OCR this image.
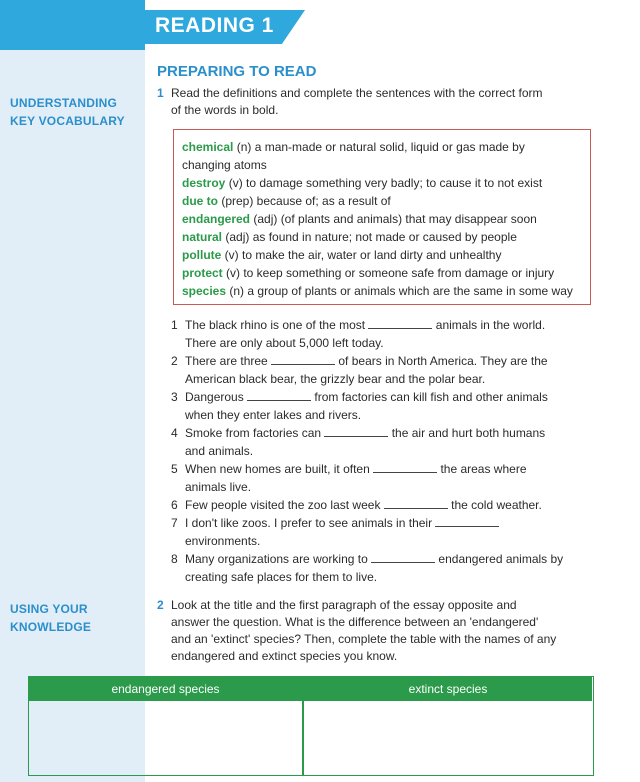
READING 1
UNDERSTANDING
KEY VOCABULARY
USING YOUR
KNOWLEDGE
PREPARING TO READ
1 Read the definitions and complete the sentences with the correct form
of the words in bold.
chemical (n) a man-made or natural solid, liquid or gas made by
changing atoms
destroy (v) to damage something very badly; to cause it to not exist
due to (prep) because of; as a result of
endangered (adj) (of plants and animals) that may disappear soon
natural (adj) as found in nature; not made or caused by people
pollute (v) to make the air, water or land dirty and unhealthy
protect (v) to keep something or someone safe from damage or injury
species (n) a group of plants or animals which are the same in some way
1 The black rhino is one of the most	animals in the world.
There are only about 5,000 left today.
2 There are three	of bears in North America. They are the
American black bear, the grizzly bear and the polar bear.
3 Dangerous	from factories can kill fish and other animals
when they enter lakes and rivers.
4 Smoke from factories can	the air and hurt both humans
and animals.
5 When new homes are built, it often	the areas where
animals live.
6 Few people visited the zoo last week	the cold weather.
7 I don't like zoos. I prefer to see animals in their
environments.
8 Many organizations are working to	endangered animals by
creating safe places for them to live.
2 Look at the title and the first paragraph of the essay opposite and
answer the question. What is the difference between an 'endangered'
and an 'extinct' species? Then, complete the table with the names of any
endangered and extinct species you know.
endangered species	extinct species
